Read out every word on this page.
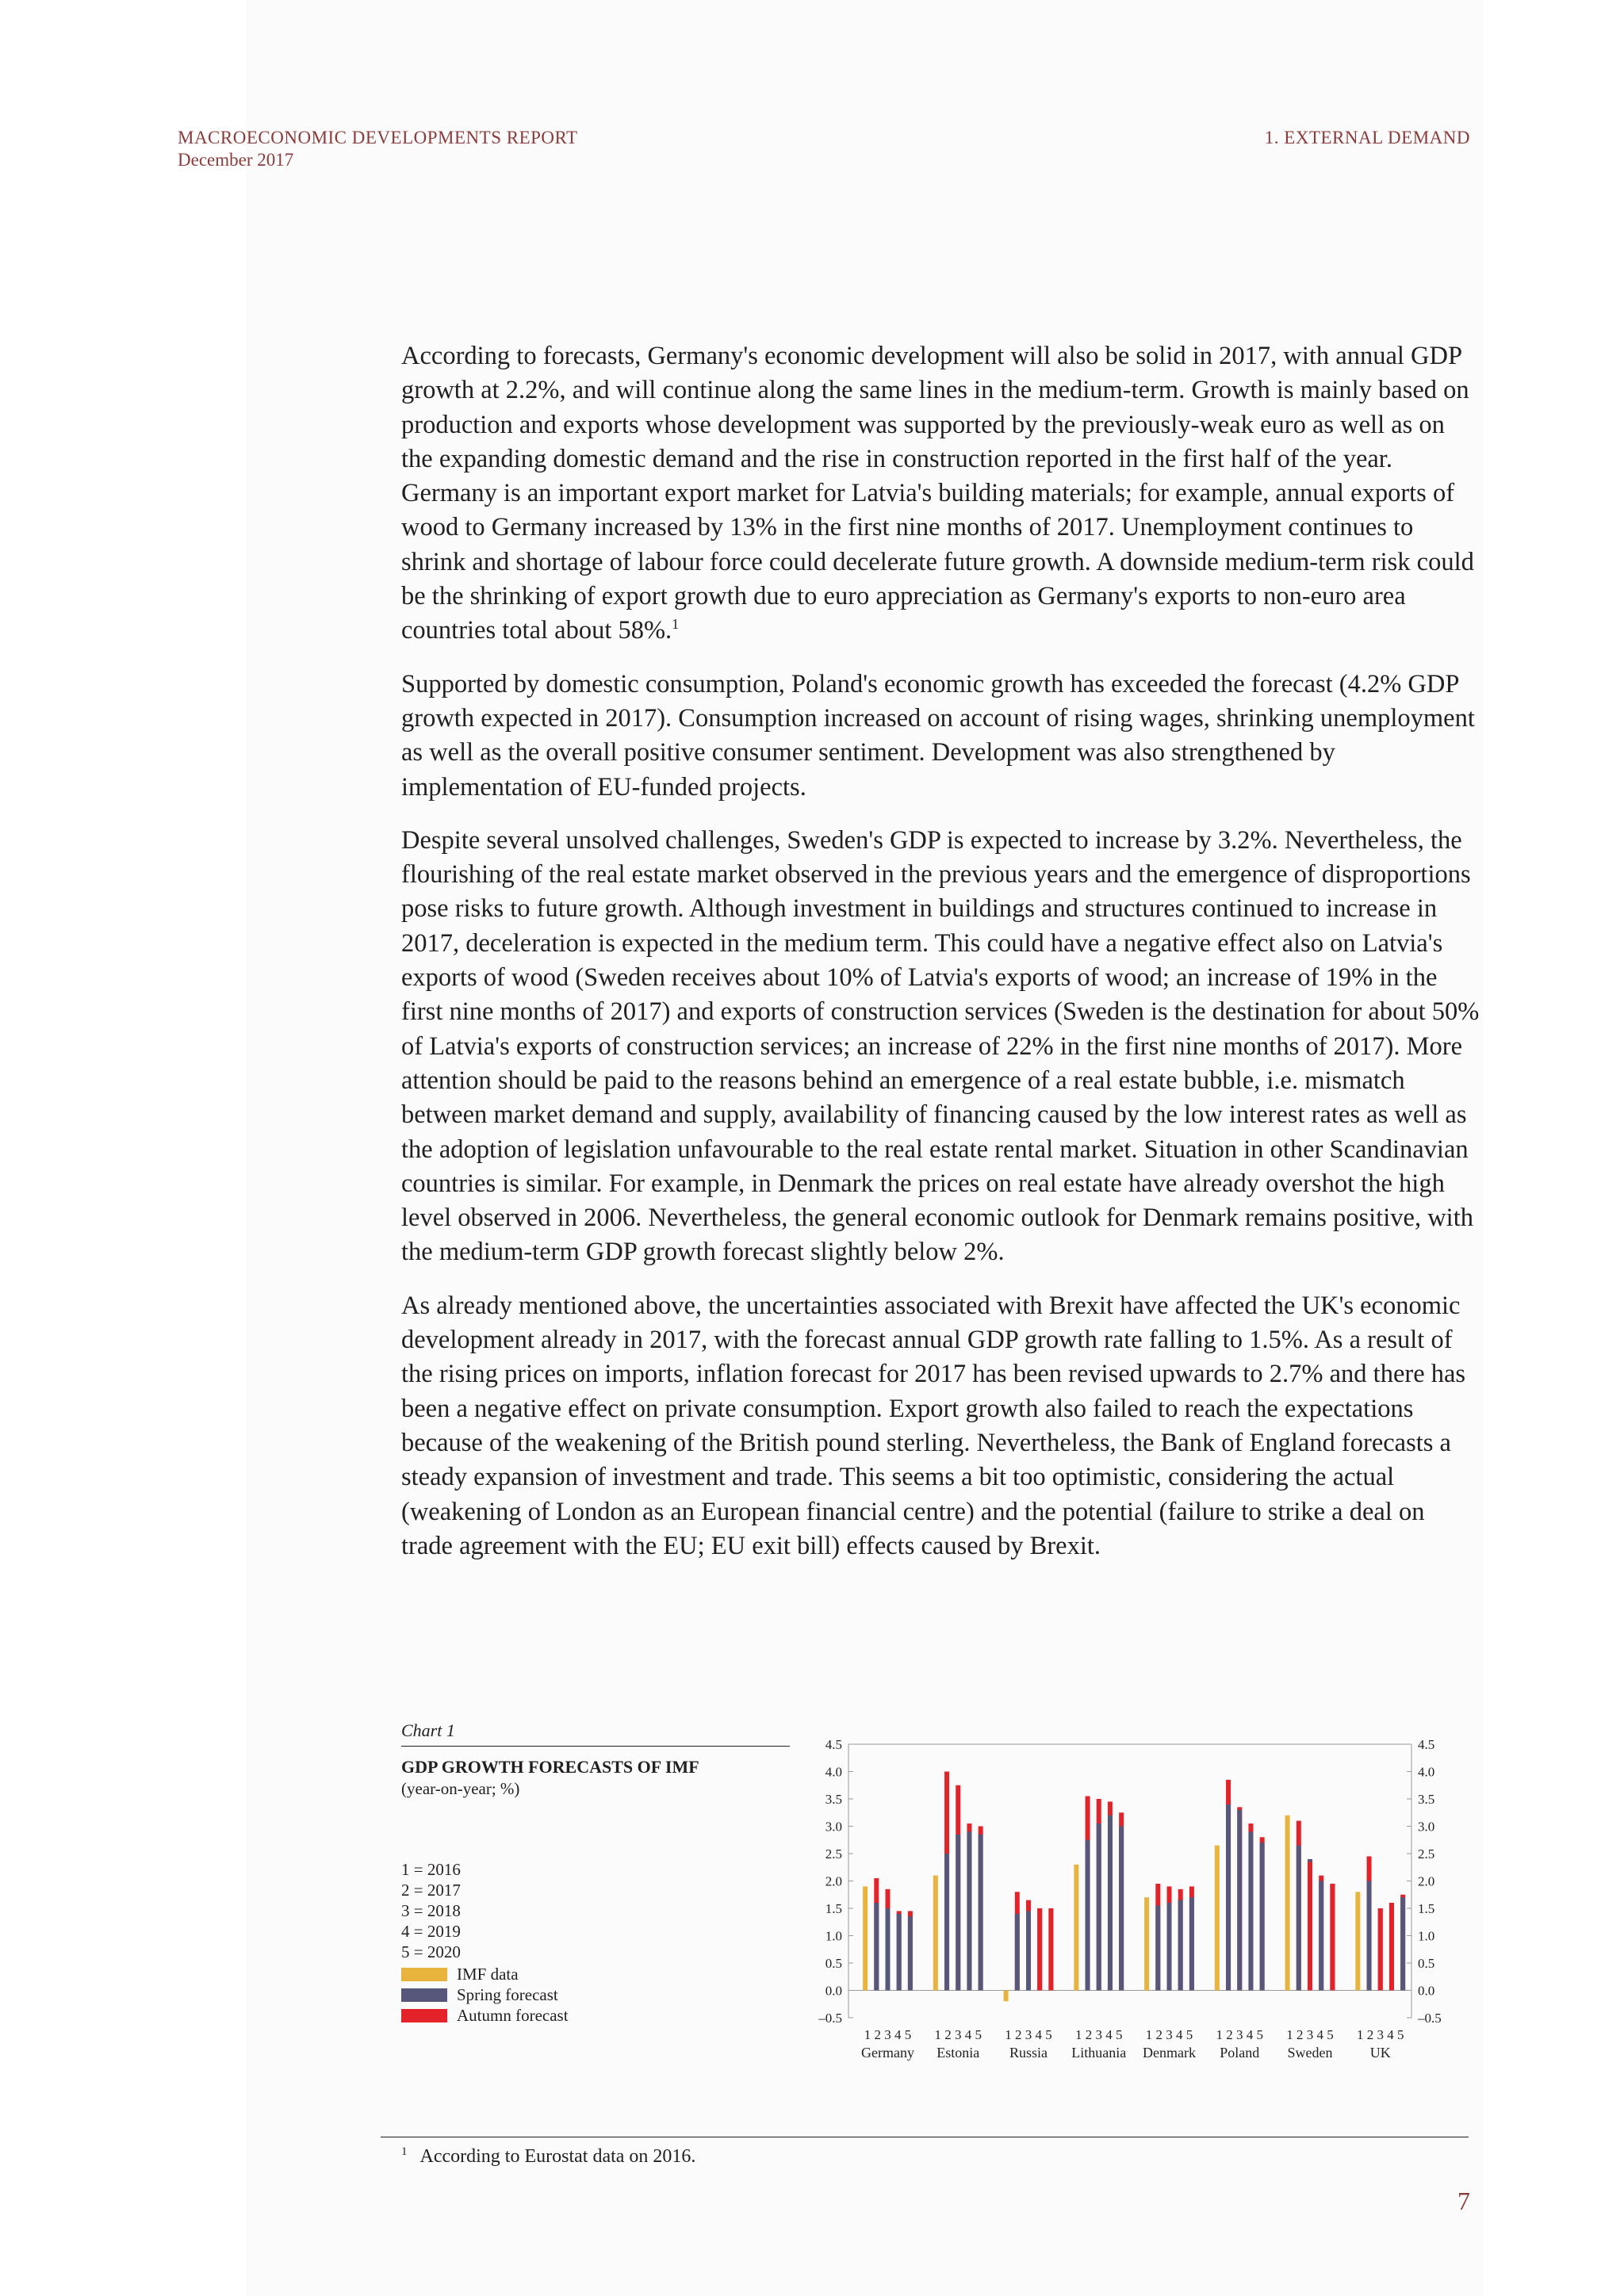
MACROECONOMIC DEVELOPMENTS REPORT
December 2017
1. EXTERNAL DEMAND

According to forecasts, Germany's economic development will also be solid in 2017, with annual GDP growth at 2.2%, and will continue along the same lines in the medium-term. Growth is mainly based on production and exports whose development was supported by the previously-weak euro as well as on the expanding domestic demand and the rise in construction reported in the first half of the year. Germany is an important export market for Latvia's building materials; for example, annual exports of wood to Germany increased by 13% in the first nine months of 2017. Unemployment continues to shrink and shortage of labour force could decelerate future growth. A downside medium-term risk could be the shrinking of export growth due to euro appreciation as Germany's exports to non-euro area countries total about 58%.$^1$

Supported by domestic consumption, Poland's economic growth has exceeded the forecast (4.2% GDP growth expected in 2017). Consumption increased on account of rising wages, shrinking unemployment as well as the overall positive consumer sentiment. Development was also strengthened by implementation of EU-funded projects.

Despite several unsolved challenges, Sweden's GDP is expected to increase by 3.2%. Nevertheless, the flourishing of the real estate market observed in the previous years and the emergence of disproportions pose risks to future growth. Although investment in buildings and structures continued to increase in 2017, deceleration is expected in the medium term. This could have a negative effect also on Latvia's exports of wood (Sweden receives about 10% of Latvia's exports of wood; an increase of 19% in the first nine months of 2017) and exports of construction services (Sweden is the destination for about 50% of Latvia's exports of construction services; an increase of 22% in the first nine months of 2017). More attention should be paid to the reasons behind an emergence of a real estate bubble, i.e. mismatch between market demand and supply, availability of financing caused by the low interest rates as well as the adoption of legislation unfavourable to the real estate rental market. Situation in other Scandinavian countries is similar. For example, in Denmark the prices on real estate have already overshot the high level observed in 2006. Nevertheless, the general economic outlook for Denmark remains positive, with the medium-term GDP growth forecast slightly below 2%.

As already mentioned above, the uncertainties associated with Brexit have affected the UK's economic development already in 2017, with the forecast annual GDP growth rate falling to 1.5%. As a result of the rising prices on imports, inflation forecast for 2017 has been revised upwards to 2.7% and there has been a negative effect on private consumption. Export growth also failed to reach the expectations because of the weakening of the British pound sterling. Nevertheless, the Bank of England forecasts a steady expansion of investment and trade. This seems a bit too optimistic, considering the actual (weakening of London as an European financial centre) and the potential (failure to strike a deal on trade agreement with the EU; EU exit bill) effects caused by Brexit.

Chart 1
GDP GROWTH FORECASTS OF IMF
(year-on-year; %)
1 = 2016
2 = 2017
3 = 2018
4 = 2019
5 = 2020
IMF data
Spring forecast
Autumn forecast
4.5	4.5
4.0	4.0
3.5	3.5
3.0	3.0
2.5	2.5
2.0	2.0
1.5	1.5
1.0	1.0
0.5	0.5
0.0	0.0
–0.5	–0.5
1 2 3 4 5
Germany
1 2 3 4 5
Estonia
1 2 3 4 5
Russia
1 2 3 4 5
Lithuania
1 2 3 4 5
Denmark
1 2 3 4 5
Poland
1 2 3 4 5
Sweden
1 2 3 4 5
UK
$^1$ According to Eurostat data on 2016.
7
